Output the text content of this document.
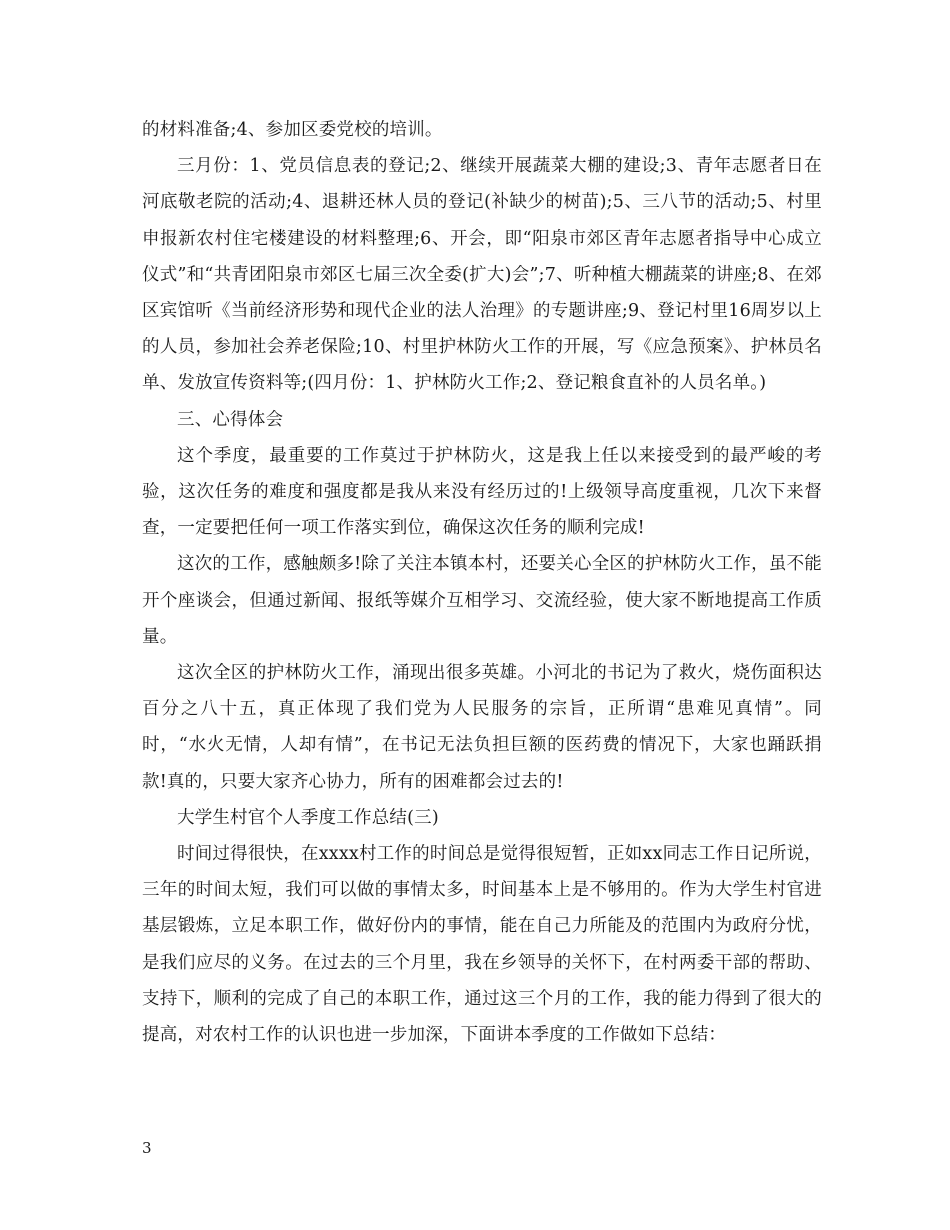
的材料准备;4、参加区委党校的培训。

三月份：1、党员信息表的登记;2、继续开展蔬菜大棚的建设;3、青年志愿者日在河底敬老院的活动;4、退耕还林人员的登记(补缺少的树苗);5、三八节的活动;5、村里申报新农村住宅楼建设的材料整理;6、开会，即“阳泉市郊区青年志愿者指导中心成立仪式”和“共青团阳泉市郊区七届三次全委(扩大)会”;7、听种植大棚蔬菜的讲座;8、在郊区宾馆听《当前经济形势和现代企业的法人治理》的专题讲座;9、登记村里16周岁以上的人员，参加社会养老保险;10、村里护林防火工作的开展，写《应急预案》、护林员名单、发放宣传资料等;(四月份：1、护林防火工作;2、登记粮食直补的人员名单。)

三、心得体会

这个季度，最重要的工作莫过于护林防火，这是我上任以来接受到的最严峻的考验，这次任务的难度和强度都是我从来没有经历过的!上级领导高度重视，几次下来督查，一定要把任何一项工作落实到位，确保这次任务的顺利完成!

这次的工作，感触颇多!除了关注本镇本村，还要关心全区的护林防火工作，虽不能开个座谈会，但通过新闻、报纸等媒介互相学习、交流经验，使大家不断地提高工作质量。

这次全区的护林防火工作，涌现出很多英雄。小河北的书记为了救火，烧伤面积达百分之八十五，真正体现了我们党为人民服务的宗旨，正所谓“患难见真情”。同时，“水火无情，人却有情”，在书记无法负担巨额的医药费的情况下，大家也踊跃捐款!真的，只要大家齐心协力，所有的困难都会过去的!

大学生村官个人季度工作总结(三)

时间过得很快，在xxxx村工作的时间总是觉得很短暂，正如xx同志工作日记所说，三年的时间太短，我们可以做的事情太多，时间基本上是不够用的。作为大学生村官进基层锻炼，立足本职工作，做好份内的事情，能在自己力所能及的范围内为政府分忧，是我们应尽的义务。在过去的三个月里，我在乡领导的关怀下，在村两委干部的帮助、支持下，顺利的完成了自己的本职工作，通过这三个月的工作，我的能力得到了很大的提高，对农村工作的认识也进一步加深，下面讲本季度的工作做如下总结：

3
